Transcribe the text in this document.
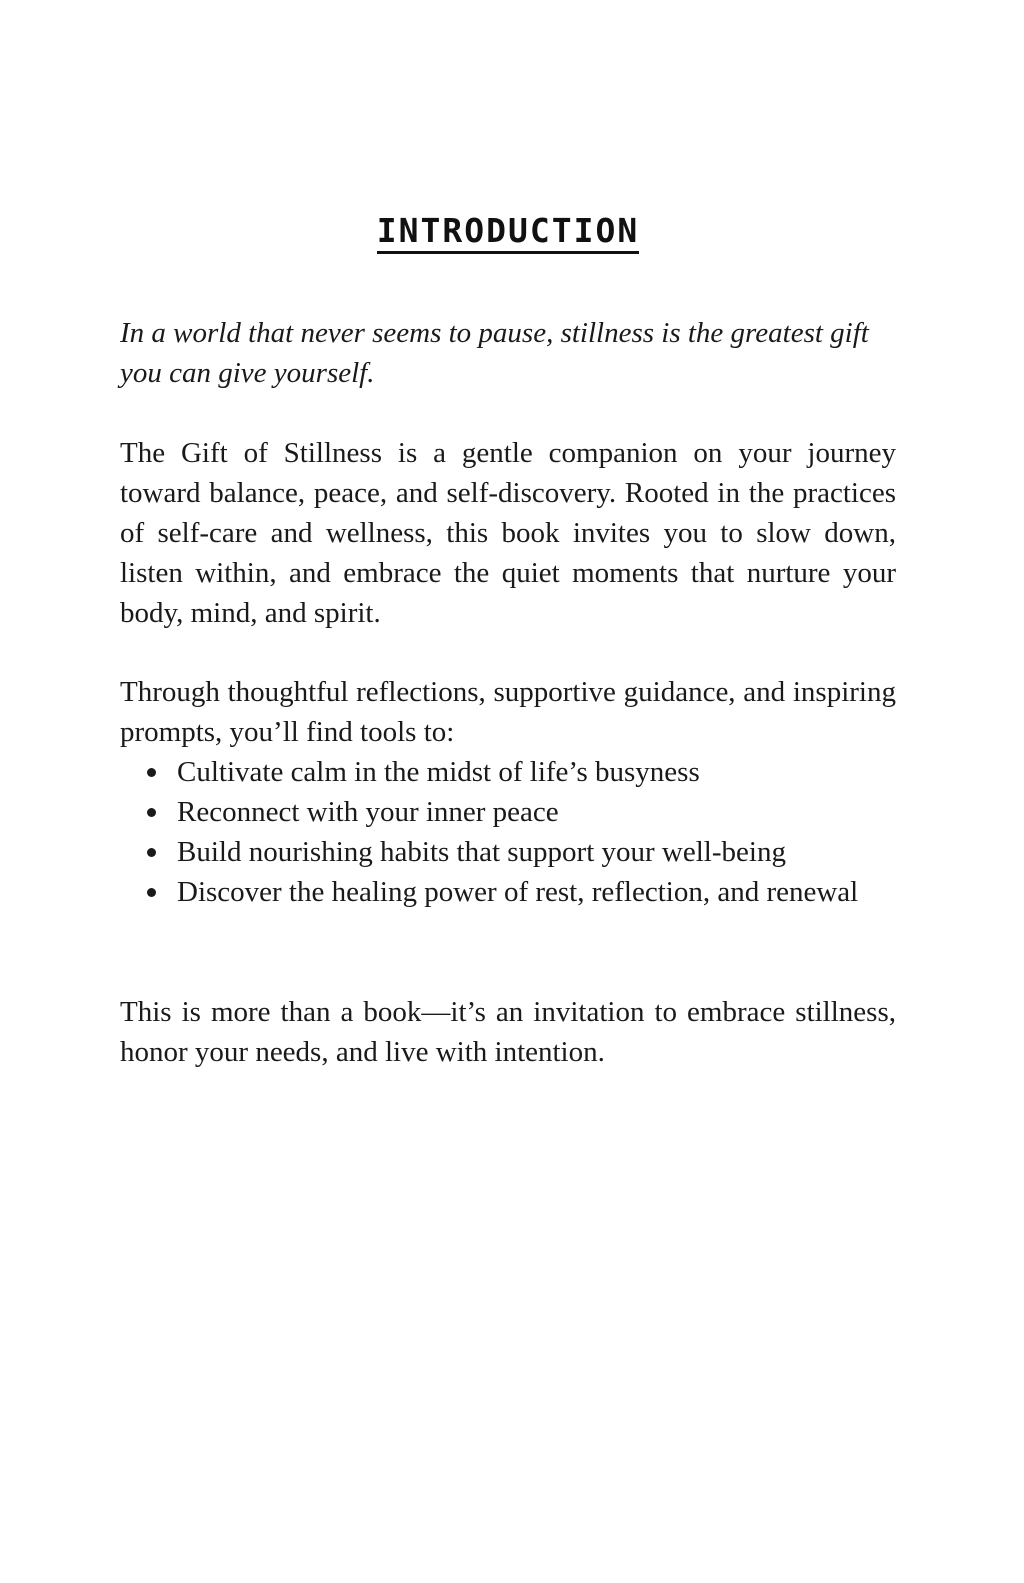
INTRODUCTION

In a world that never seems to pause, stillness is the greatest gift you can give yourself.

The Gift of Stillness is a gentle companion on your journey toward balance, peace, and self-discovery. Rooted in the practices of self-care and wellness, this book invites you to slow down, listen within, and embrace the quiet moments that nurture your body, mind, and spirit.

Through thoughtful reflections, supportive guidance, and inspiring prompts, you’ll find tools to:

Cultivate calm in the midst of life’s busyness
Reconnect with your inner peace
Build nourishing habits that support your well-being
Discover the healing power of rest, reflection, and renewal

This is more than a book—it’s an invitation to embrace stillness, honor your needs, and live with intention.
